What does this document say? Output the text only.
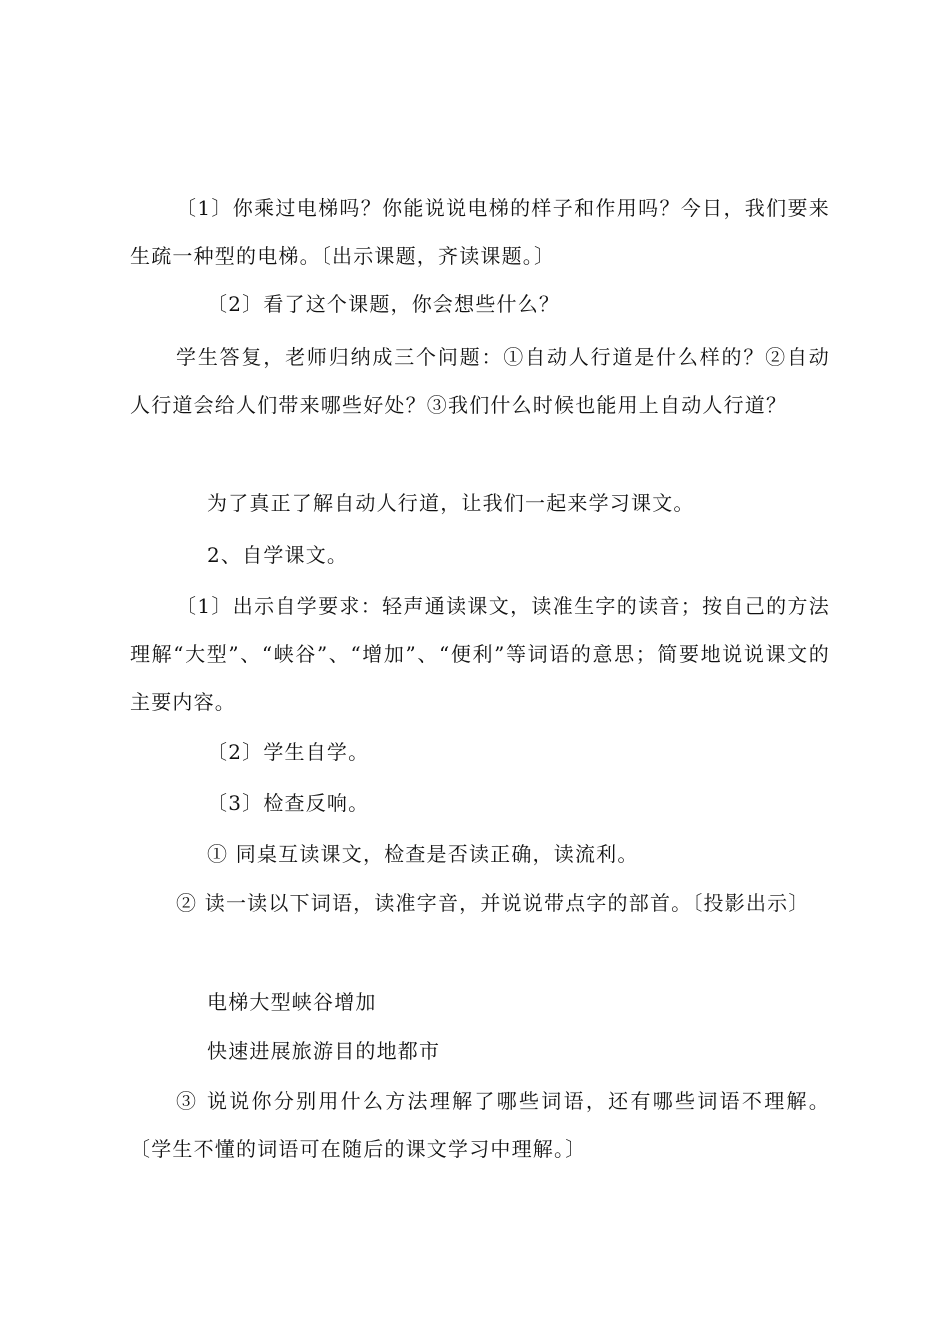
〔1〕你乘过电梯吗？你能说说电梯的样子和作用吗？今日，我们要来生疏一种型的电梯。〔出示课题，齐读课题。〕

〔2〕看了这个课题，你会想些什么？

学生答复，老师归纳成三个问题：①自动人行道是什么样的？②自动人行道会给人们带来哪些好处？③我们什么时候也能用上自动人行道？

为了真正了解自动人行道，让我们一起来学习课文。

2、自学课文。

〔1〕出示自学要求：轻声通读课文，读准生字的读音；按自己的方法理解“大型”、“峡谷”、“增加”、“便利”等词语的意思；简要地说说课文的主要内容。

〔2〕学生自学。

〔3〕检查反响。

① 同桌互读课文，检查是否读正确，读流利。

② 读一读以下词语，读准字音，并说说带点字的部首。〔投影出示〕

电梯大型峡谷增加

快速进展旅游目的地都市

③ 说说你分别用什么方法理解了哪些词语，还有哪些词语不理解。〔学生不懂的词语可在随后的课文学习中理解。〕
